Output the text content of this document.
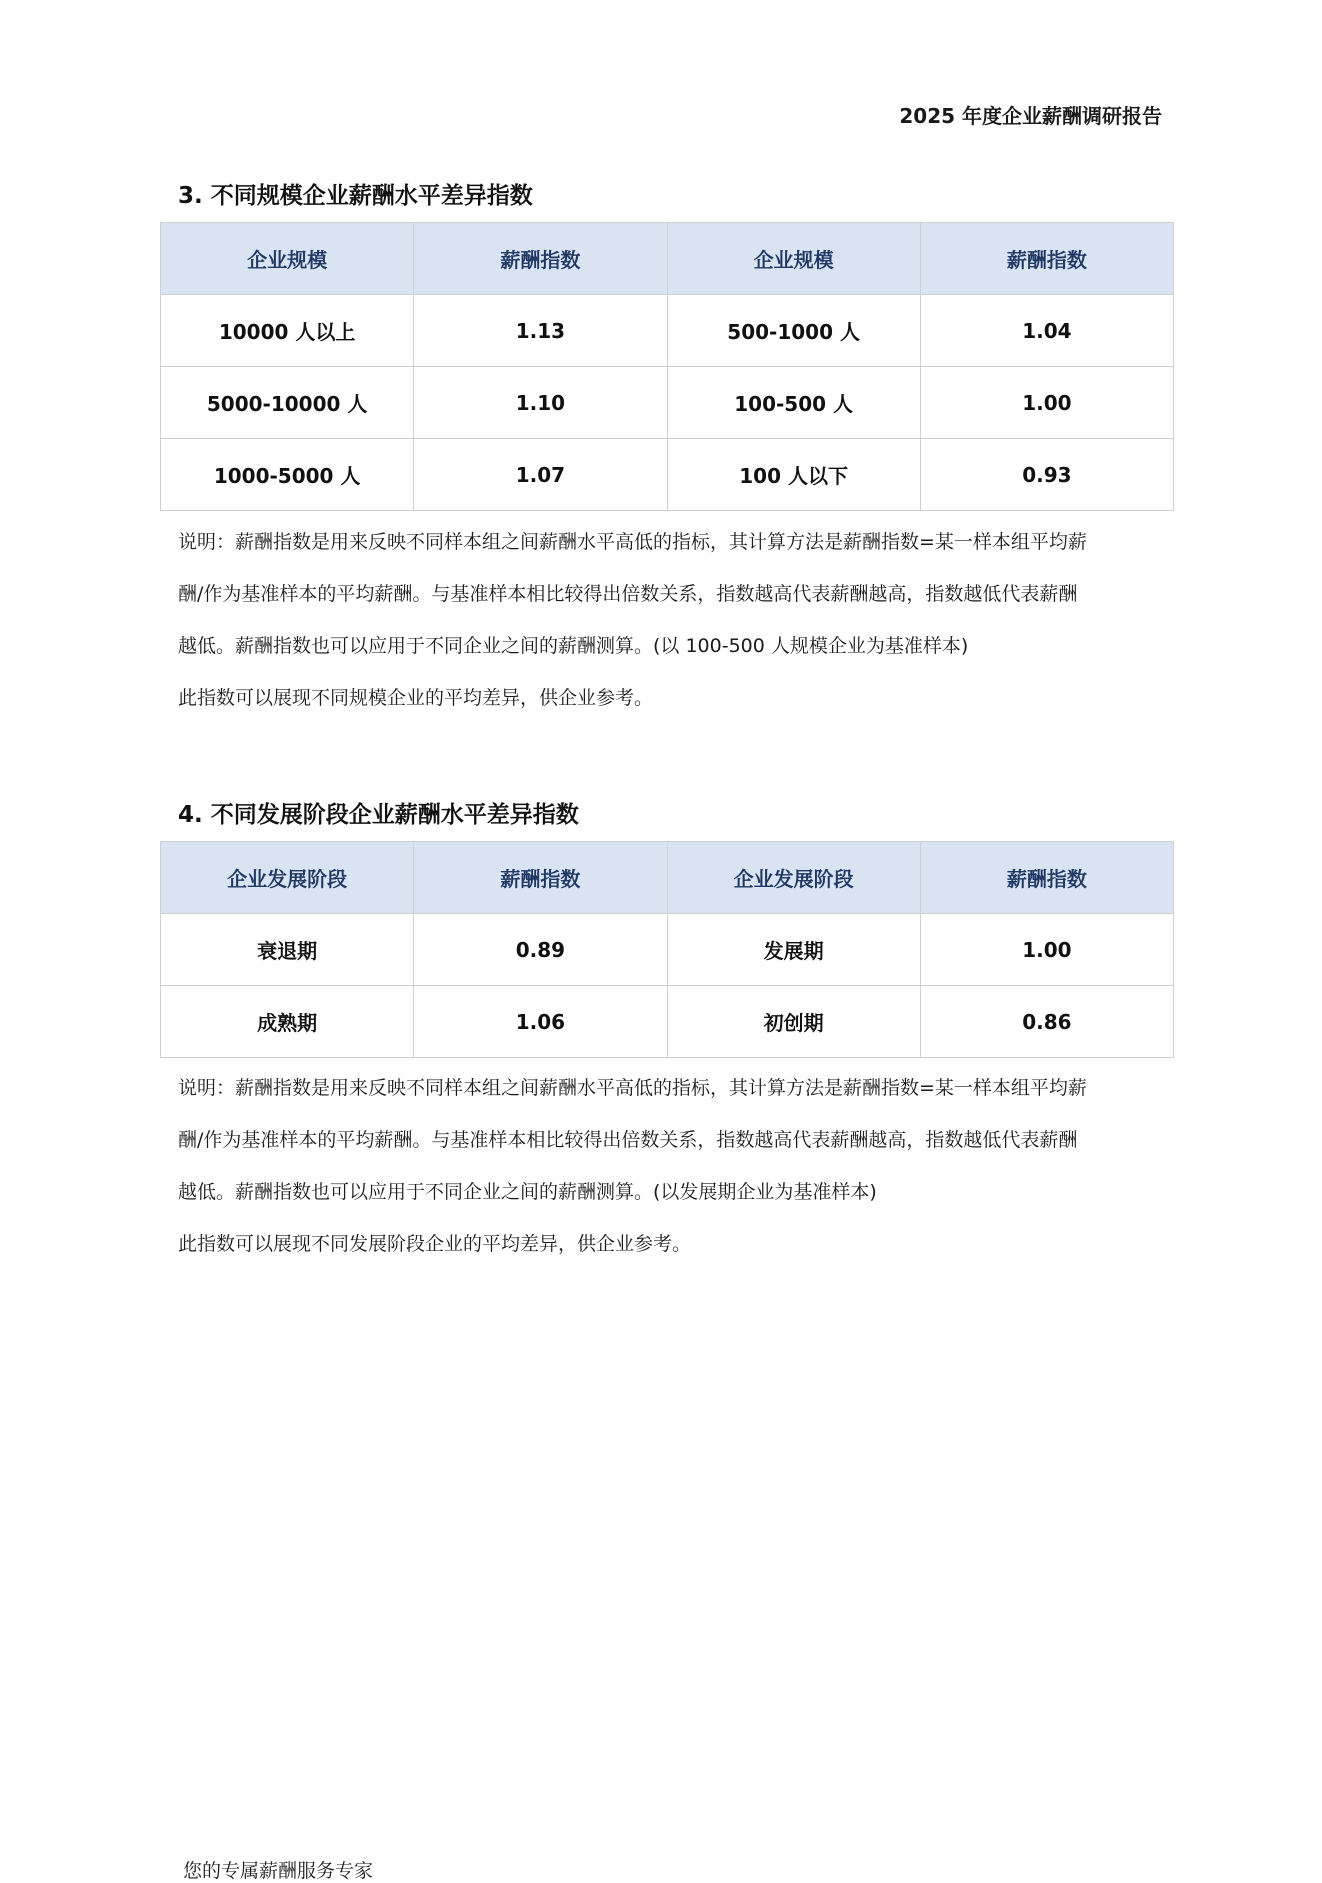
2025 年度企业薪酬调研报告
3. 不同规模企业薪酬水平差异指数
企业规模	薪酬指数	企业规模	薪酬指数
10000 人以上	1.13	500-1000 人	1.04
5000-10000 人	1.10	100-500 人	1.00
1000-5000 人	1.07	100 人以下	0.93

说明：薪酬指数是用来反映不同样本组之间薪酬水平高低的指标，其计算方法是薪酬指数=某一样本组平均薪

酬/作为基准样本的平均薪酬。与基准样本相比较得出倍数关系，指数越高代表薪酬越高，指数越低代表薪酬

越低。薪酬指数也可以应用于不同企业之间的薪酬测算。(以 100-500 人规模企业为基准样本)

此指数可以展现不同规模企业的平均差异，供企业参考。

4. 不同发展阶段企业薪酬水平差异指数
企业发展阶段	薪酬指数	企业发展阶段	薪酬指数
衰退期	0.89	发展期	1.00
成熟期	1.06	初创期	0.86

说明：薪酬指数是用来反映不同样本组之间薪酬水平高低的指标，其计算方法是薪酬指数=某一样本组平均薪

酬/作为基准样本的平均薪酬。与基准样本相比较得出倍数关系，指数越高代表薪酬越高，指数越低代表薪酬

越低。薪酬指数也可以应用于不同企业之间的薪酬测算。(以发展期企业为基准样本)

此指数可以展现不同发展阶段企业的平均差异，供企业参考。

您的专属薪酬服务专家
